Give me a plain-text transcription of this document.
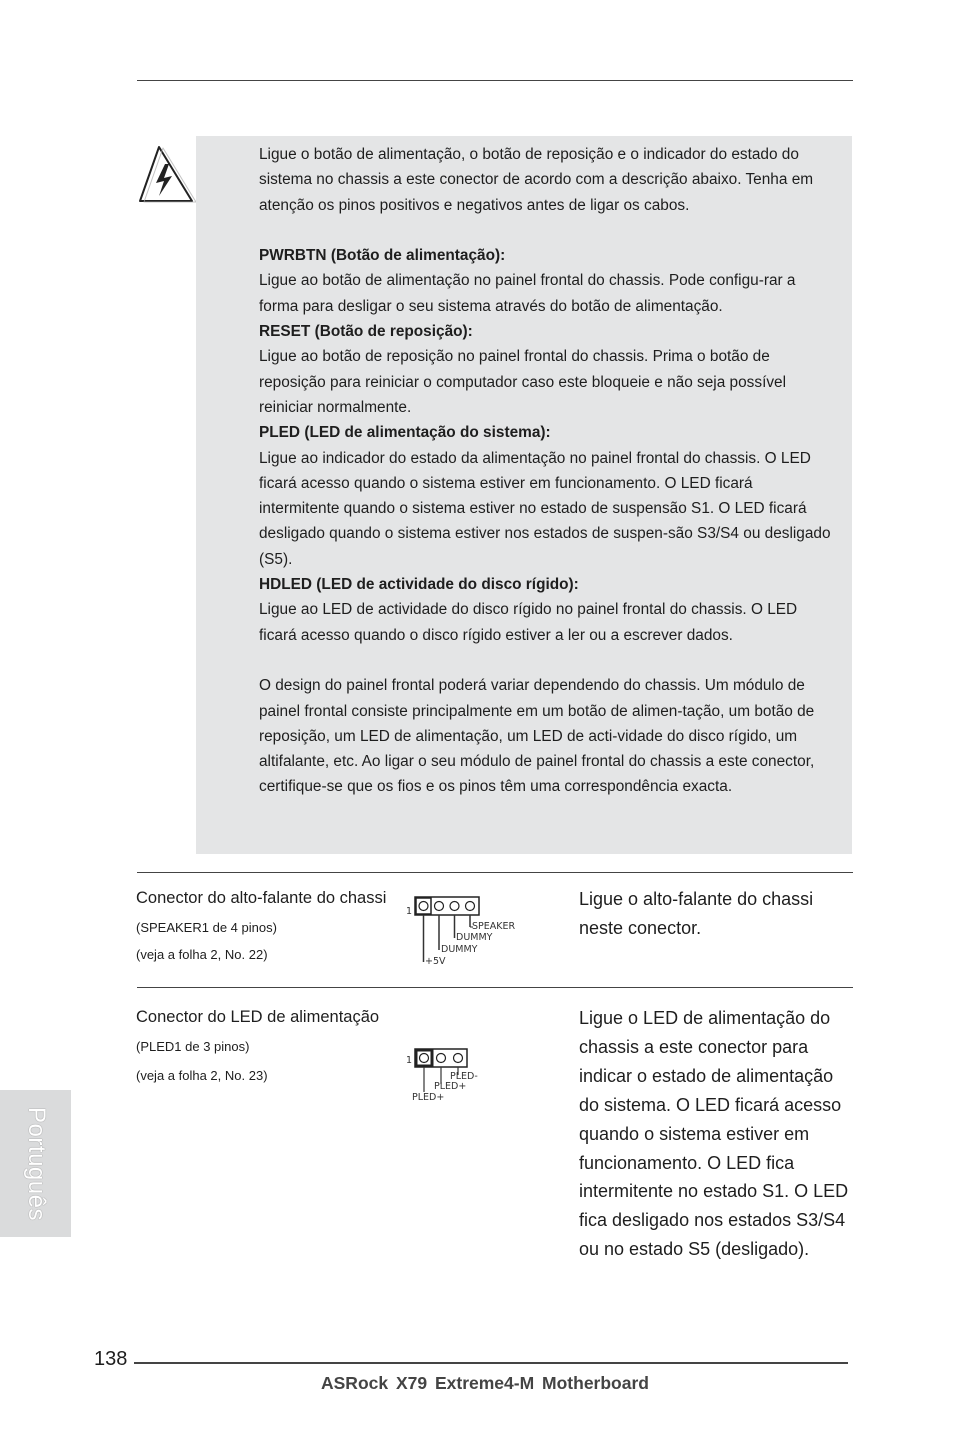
Ligue o botão de alimentação, o botão de reposição e o indicador do estado do sistema no chassis a este conector de acordo com a descrição abaixo. Tenha em atenção os pinos positivos e negativos antes de ligar os cabos.

PWRBTN (Botão de alimentação):

Ligue ao botão de alimentação no painel frontal do chassis. Pode configu-rar a forma para desligar o seu sistema através do botão de alimentação.

RESET (Botão de reposição):

Ligue ao botão de reposição no painel frontal do chassis. Prima o botão de reposição para reiniciar o computador caso este bloqueie e não seja possível reiniciar normalmente.

PLED (LED de alimentação do sistema):

Ligue ao indicador do estado da alimentação no painel frontal do chassis. O LED ficará acesso quando o sistema estiver em funcionamento. O LED ficará intermitente quando o sistema estiver no estado de suspensão S1. O LED ficará desligado quando o sistema estiver nos estados de suspen-são S3/S4 ou desligado (S5).

HDLED (LED de actividade do disco rígido):

Ligue ao LED de actividade do disco rígido no painel frontal do chassis. O LED ficará acesso quando o disco rígido estiver a ler ou a escrever dados.

O design do painel frontal poderá variar dependendo do chassis. Um módulo de painel frontal consiste principalmente em um botão de alimen-tação, um botão de reposição, um LED de alimentação, um LED de acti-vidade do disco rígido, um altifalante, etc. Ao ligar o seu módulo de painel frontal do chassis a este conector, certifique-se que os fios e os pinos têm uma correspondência exacta.

Conector do alto-falante do chassi
(SPEAKER1 de 4 pinos)
(veja a folha 2, No. 22)
1
SPEAKER
DUMMY
DUMMY
+5V
Ligue o alto-falante do chassi neste conector.
Conector do LED de alimentação
(PLED1 de 3 pinos)
(veja a folha 2, No. 23)
1
PLED-
PLED+
PLED+
Ligue o LED de alimentação do chassis a este conector para indicar o estado de alimentação do sistema. O LED ficará acesso quando o sistema estiver em funcionamento. O LED fica intermitente no estado S1. O LED fica desligado nos estados S3/S4 ou no estado S5 (desligado).
Português
138
ASRock X79 Extreme4-M Motherboard
